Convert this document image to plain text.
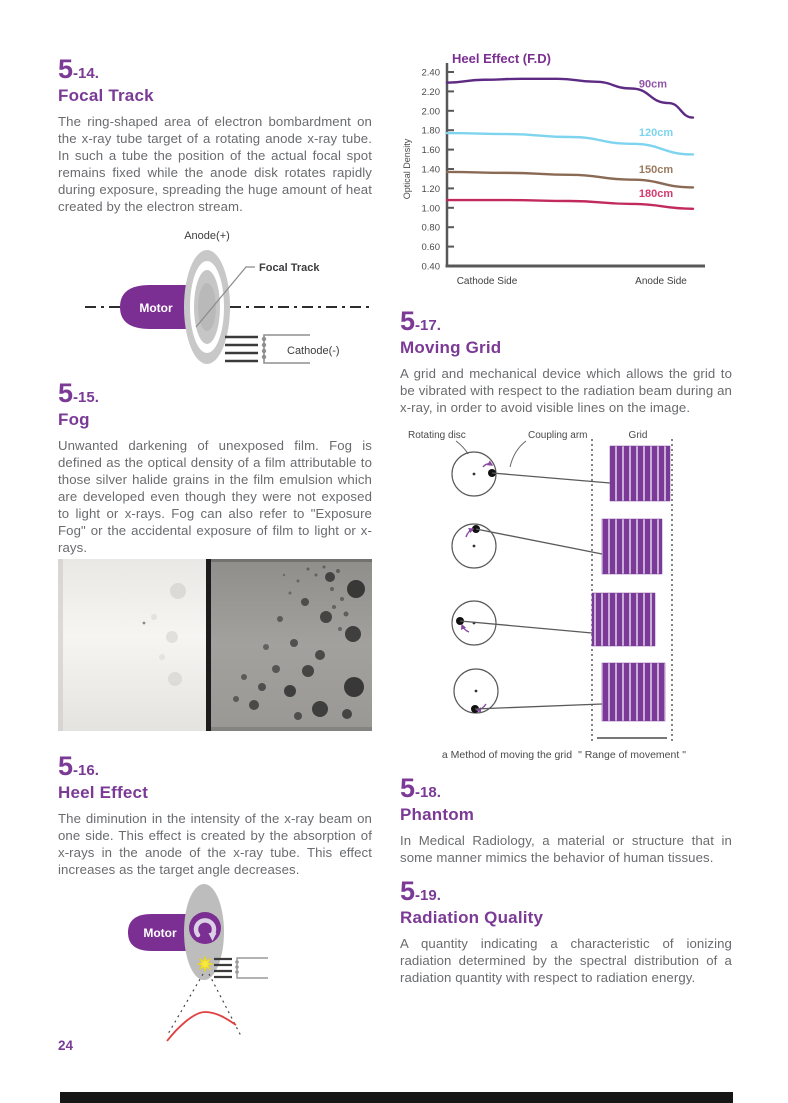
5-14.
Focal Track

The ring-shaped area of electron bombardment on the x-ray tube target of a rotating anode x-ray tube. In such a tube the position of the actual focal spot remains fixed while the anode disk rotates rapidly during exposure, spreading the huge amount of heat created by the electron stream.

Anode(+)
Motor
Focal Track
Cathode(-)
5-15.
Fog

Unwanted darkening of unexposed film. Fog is defined as the optical density of a film attributable to those silver halide grains in the film emulsion which are developed even though they were not exposed to light or x-rays. Fog can also refer to "Exposure Fog" or the accidental exposure of film to light or x-rays.

5-16.
Heel Effect

The diminution in the intensity of the x-ray beam on one side. This effect is created by the absorption of x-rays in the anode of the x-ray tube. This effect increases as the target angle decreases.

Motor
Heel Effect (F.D)
Optical Density
2.40
2.20
2.00
1.80
1.60
1.40
1.20
1.00
0.80
0.60
0.40
90cm
120cm
150cm
180cm
Cathode Side	Anode Side
5-17.
Moving Grid

A grid and mechanical device which allows the grid to be vibrated with respect to the radiation beam during an x-ray, in order to avoid visible lines on the image.

Rotating disc	Coupling arm	Grid
a Method of moving the grid " Range of movement "
5-18.
Phantom

In Medical Radiology, a material or structure that in some manner mimics the behavior of human tissues.

5-19.
Radiation Quality

A quantity indicating a characteristic of ionizing radiation determined by the spectral distribution of a radiation quantity with respect to radiation energy.

24
